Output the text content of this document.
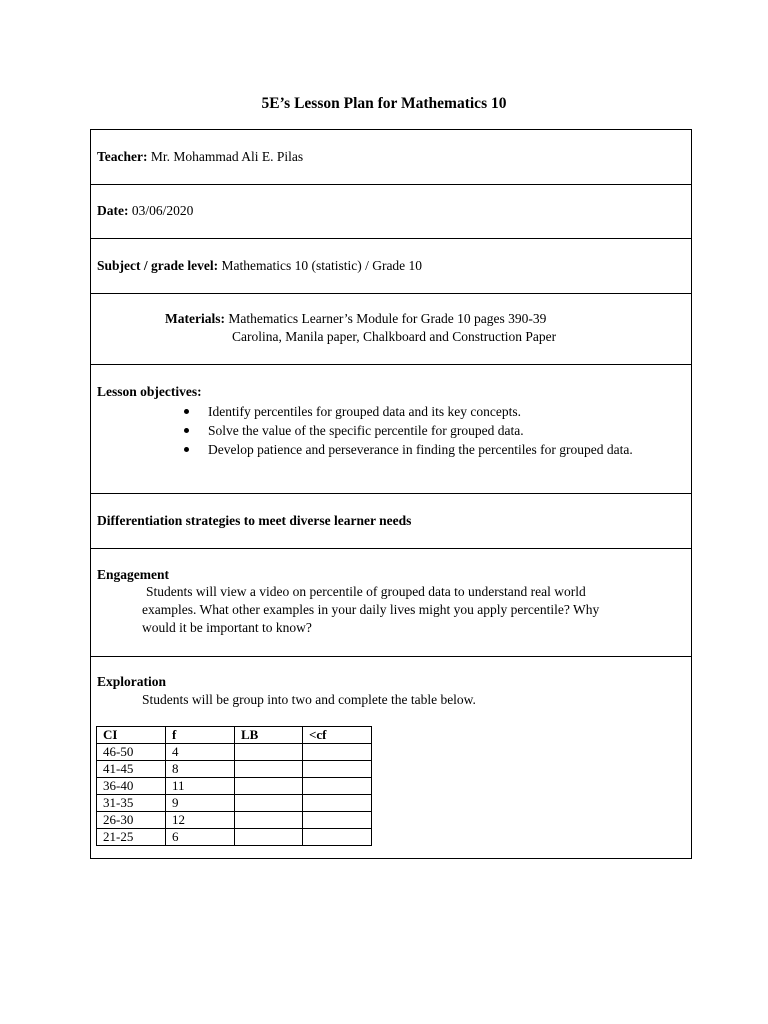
5E’s Lesson Plan for Mathematics 10
Teacher: Mr. Mohammad Ali E. Pilas
Date: 03/06/2020
Subject / grade level: Mathematics 10 (statistic) / Grade 10
Materials: Mathematics Learner’s Module for Grade 10 pages 390-39
Carolina, Manila paper, Chalkboard and Construction Paper
Lesson objectives:
Identify percentiles for grouped data and its key concepts.
Solve the value of the specific percentile for grouped data.
Develop patience and perseverance in finding the percentiles for grouped data.
Differentiation strategies to meet diverse learner needs
Engagement
Students will view a video on percentile of grouped data to understand real world
examples. What other examples in your daily lives might you apply percentile? Why
would it be important to know?
Exploration
Students will be group into two and complete the table below.
CI	f	LB	<cf
46-50	4		
41-45	8		
36-40	11		
31-35	9		
26-30	12		
21-25	6		
